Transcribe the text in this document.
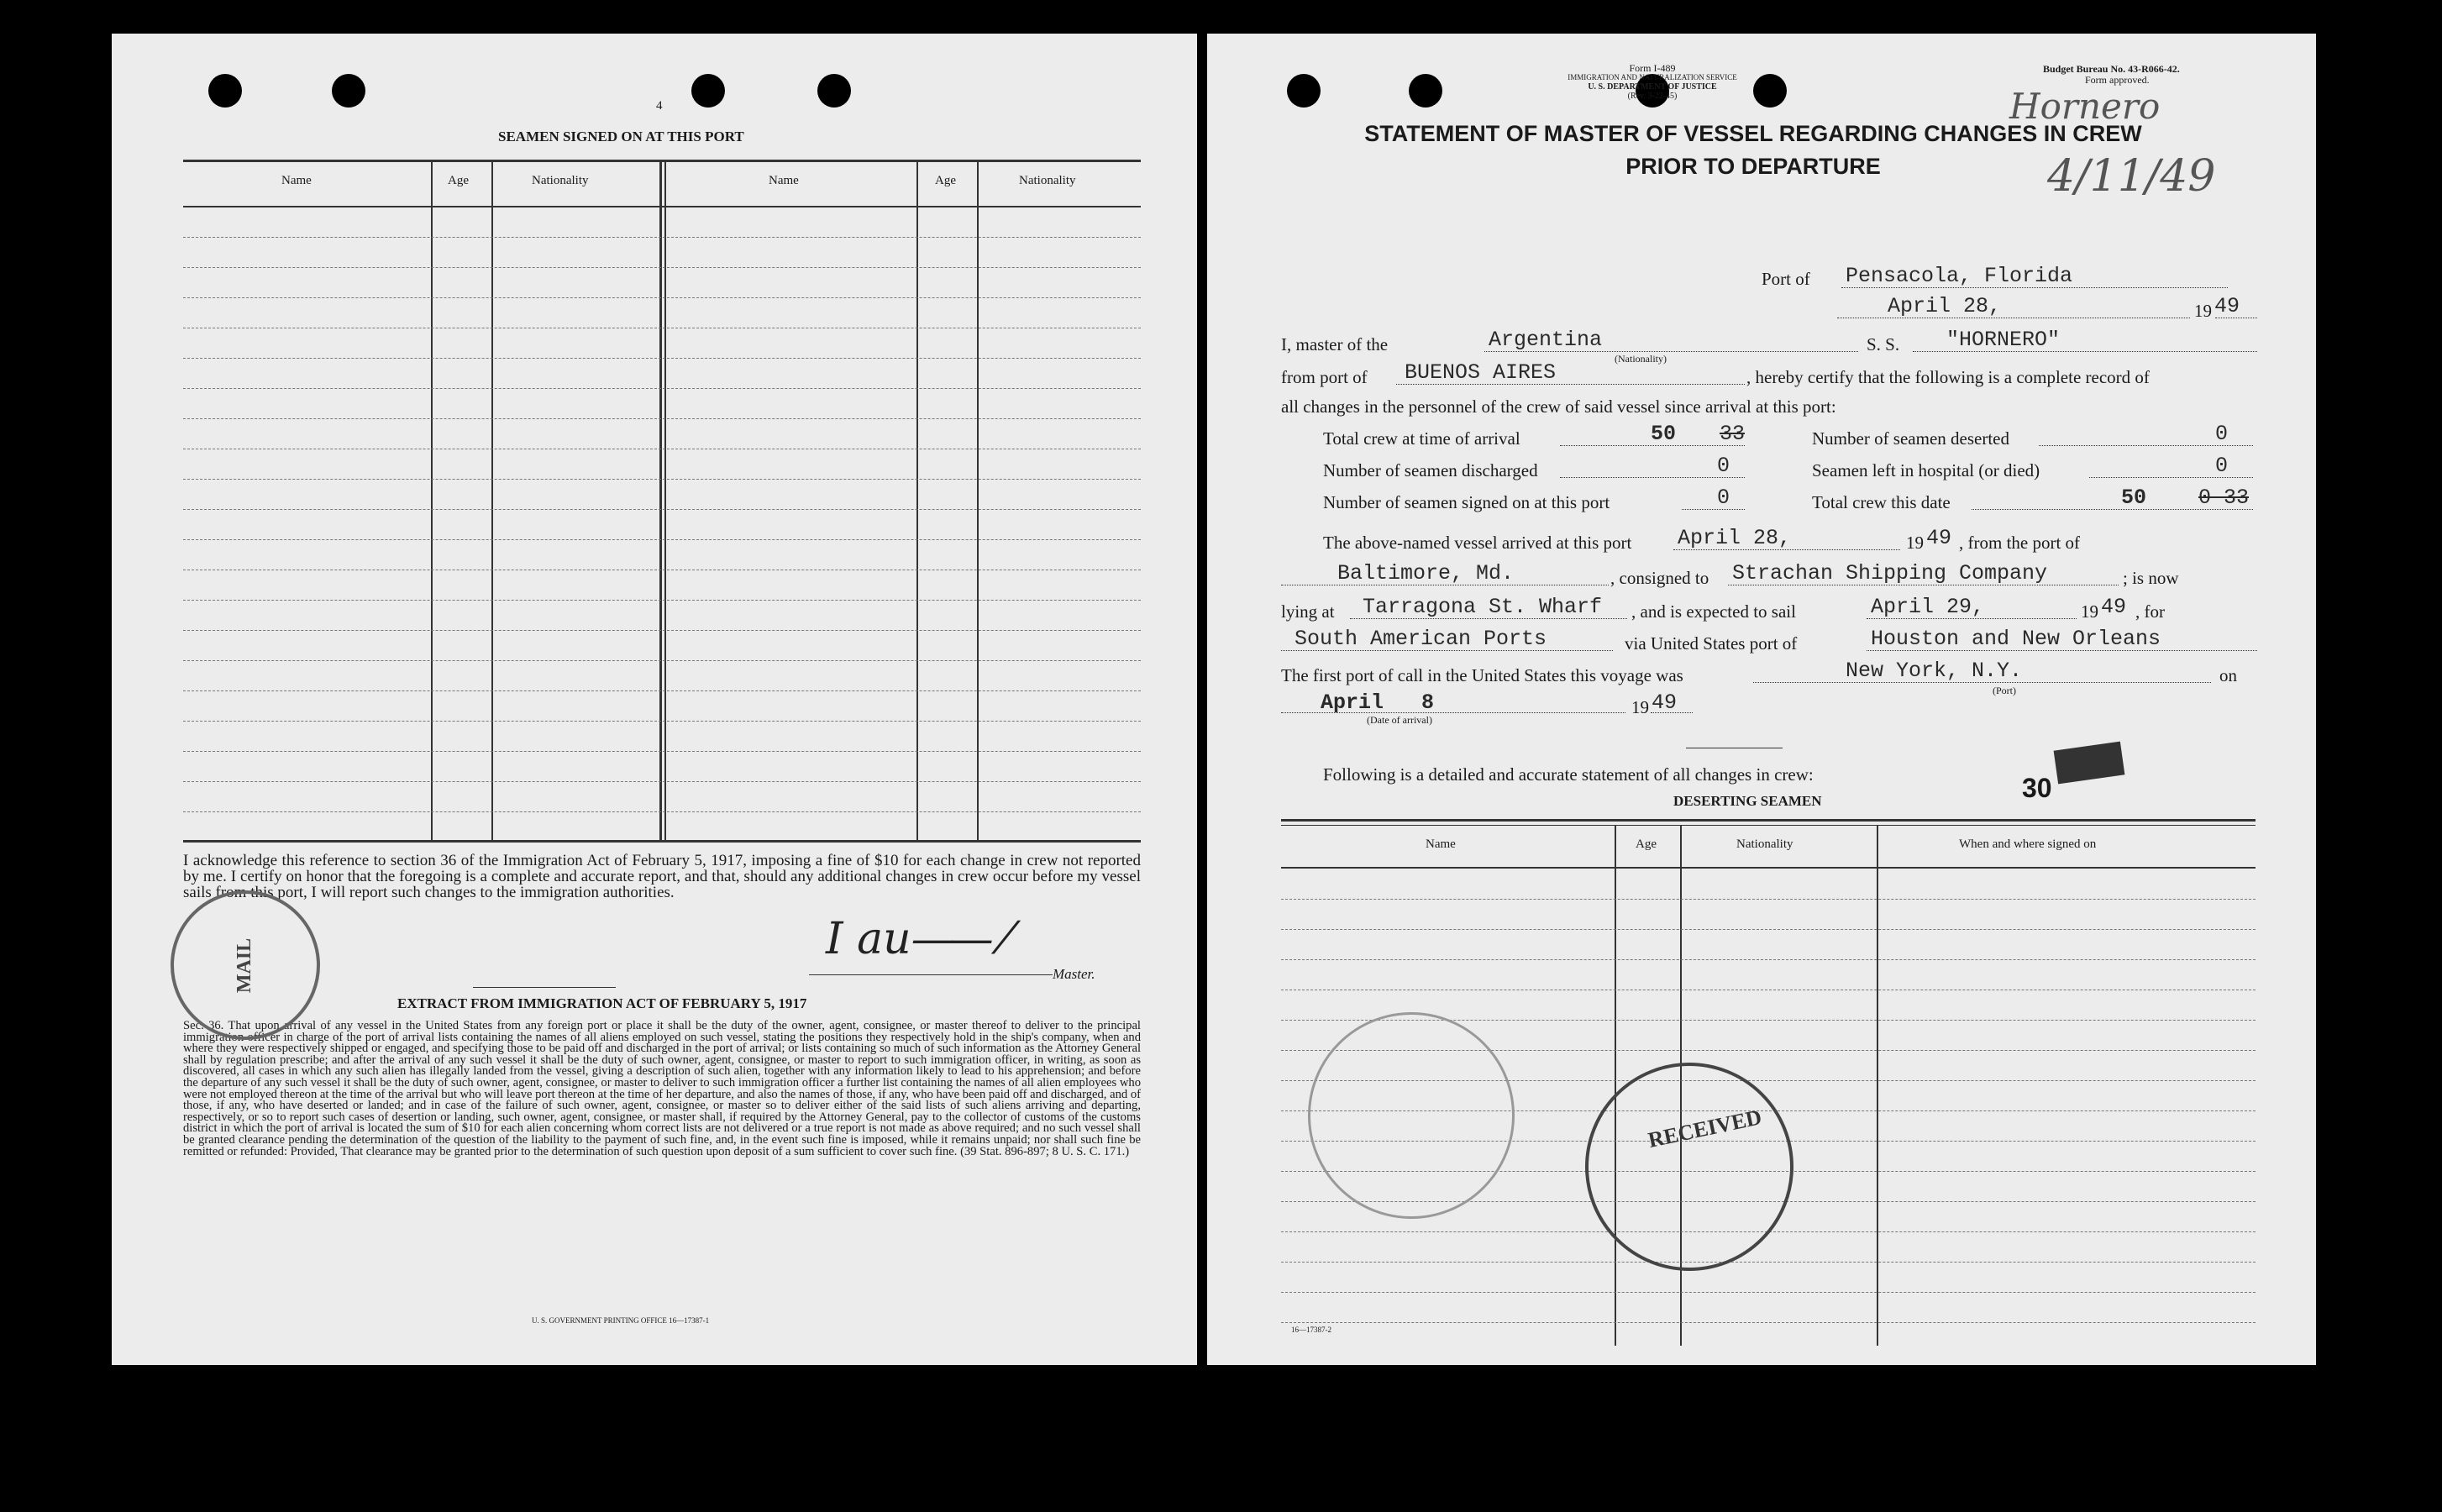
4
SEAMEN SIGNED ON AT THIS PORT
Name	Age	Nationality	Name	Age	Nationality
I acknowledge this reference to section 36 of the Immigration Act of February 5, 1917, imposing a fine of $10 for each change in crew not reported by me. I certify on honor that the foregoing is a complete and accurate report, and that, should any additional changes in crew occur before my vessel sails from this port, I will report such changes to the immigration authorities.
I au—— ⁄
Master.
EXTRACT FROM IMMIGRATION ACT OF FEBRUARY 5, 1917
Sec. 36. That upon arrival of any vessel in the United States from any foreign port or place it shall be the duty of the owner, agent, consignee, or master thereof to deliver to the principal immigration officer in charge of the port of arrival lists containing the names of all aliens employed on such vessel, stating the positions they respectively hold in the ship's company, when and where they were respectively shipped or engaged, and specifying those to be paid off and discharged in the port of arrival; or lists containing so much of such information as the Attorney General shall by regulation prescribe; and after the arrival of any such vessel it shall be the duty of such owner, agent, consignee, or master to report to such immigration officer, in writing, as soon as discovered, all cases in which any such alien has illegally landed from the vessel, giving a description of such alien, together with any information likely to lead to his apprehension; and before the departure of any such vessel it shall be the duty of such owner, agent, consignee, or master to deliver to such immigration officer a further list containing the names of all alien employees who were not employed thereon at the time of the arrival but who will leave port thereon at the time of her departure, and also the names of those, if any, who have been paid off and discharged, and of those, if any, who have deserted or landed; and in case of the failure of such owner, agent, consignee, or master so to deliver either of the said lists of such aliens arriving and departing, respectively, or so to report such cases of desertion or landing, such owner, agent, consignee, or master shall, if required by the Attorney General, pay to the collector of customs of the customs district in which the port of arrival is located the sum of $10 for each alien concerning whom correct lists are not delivered or a true report is not made as above required; and no such vessel shall be granted clearance pending the determination of the question of the liability to the payment of such fine, and, in the event such fine is imposed, while it remains unpaid; nor shall such fine be remitted or refunded: Provided, That clearance may be granted prior to the determination of such question upon deposit of a sum sufficient to cover such fine. (39 Stat. 896-897; 8 U. S. C. 171.)
U. S. GOVERNMENT PRINTING OFFICE 16—17387-1
MAIL
Form I-489
IMMIGRATION AND NATURALIZATION SERVICE
U. S. DEPARTMENT OF JUSTICE
(Rev. 3-22-45)
Budget Bureau No. 43-R066-42.
Form approved.
Hornero
4/11/49
STATEMENT OF MASTER OF VESSEL REGARDING CHANGES IN CREW
PRIOR TO DEPARTURE
Port of Pensacola, Florida
April 28,	19 49
I, master of the	Argentina
(Nationality)
S. S. "HORNERO"
from port of BUENOS AIRES	, hereby certify that the following is a complete record of
all changes in the personnel of the crew of said vessel since arrival at this port:
Total crew at time of arrival	50 33	Number of seamen deserted	0
Number of seamen discharged	0	Seamen left in hospital (or died)	0
Number of seamen signed on at this port	0	Total crew this date	50 0 33
The above-named vessel arrived at this port April 28,	19 49 , from the port of
Baltimore, Md.	, consigned to Strachan Shipping Company	; is now
lying at Tarragona St. Wharf , and is expected to sail	April 29,	19 49 , for
South American Ports	via United States port of	Houston and New Orleans
The first port of call in the United States this voyage was	New York, N.Y.
(Port)
on
April   8
(Date of arrival)
19 49
Following is a detailed and accurate statement of all changes in crew:	30
DESERTING SEAMEN
Name	Age	Nationality	When and where signed on
RECEIVED
16—17387-2
